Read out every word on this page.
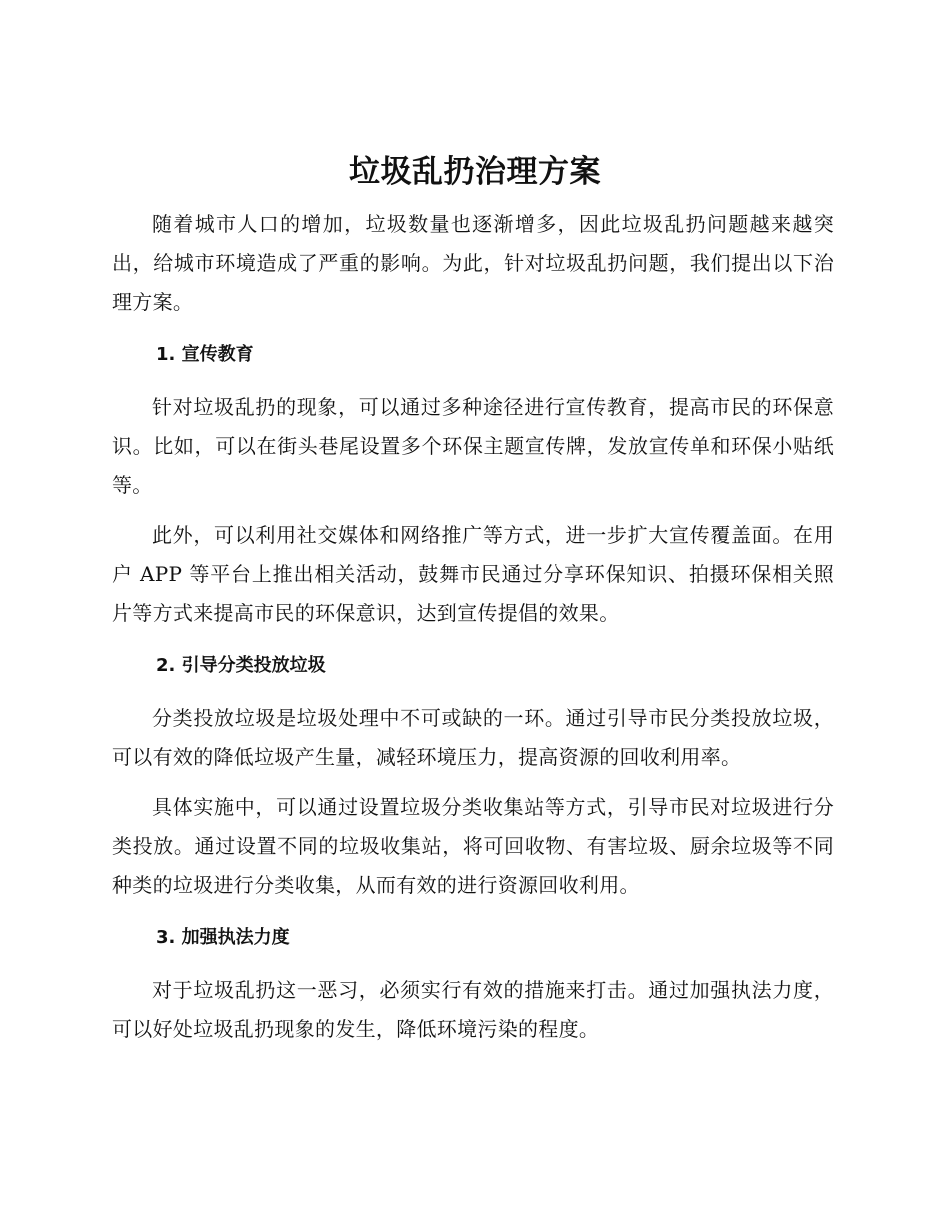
垃圾乱扔治理方案

随着城市人口的增加，垃圾数量也逐渐增多，因此垃圾乱扔问题越来越突出，给城市环境造成了严重的影响。为此，针对垃圾乱扔问题，我们提出以下治理方案。

1. 宣传教育

针对垃圾乱扔的现象，可以通过多种途径进行宣传教育，提高市民的环保意识。比如，可以在街头巷尾设置多个环保主题宣传牌，发放宣传单和环保小贴纸等。

此外，可以利用社交媒体和网络推广等方式，进一步扩大宣传覆盖面。在用户 APP 等平台上推出相关活动，鼓舞市民通过分享环保知识、拍摄环保相关照片等方式来提高市民的环保意识，达到宣传提倡的效果。

2. 引导分类投放垃圾

分类投放垃圾是垃圾处理中不可或缺的一环。通过引导市民分类投放垃圾，可以有效的降低垃圾产生量，减轻环境压力，提高资源的回收利用率。

具体实施中，可以通过设置垃圾分类收集站等方式，引导市民对垃圾进行分类投放。通过设置不同的垃圾收集站，将可回收物、有害垃圾、厨余垃圾等不同种类的垃圾进行分类收集，从而有效的进行资源回收利用。

3. 加强执法力度

对于垃圾乱扔这一恶习，必须实行有效的措施来打击。通过加强执法力度，可以好处垃圾乱扔现象的发生，降低环境污染的程度。
